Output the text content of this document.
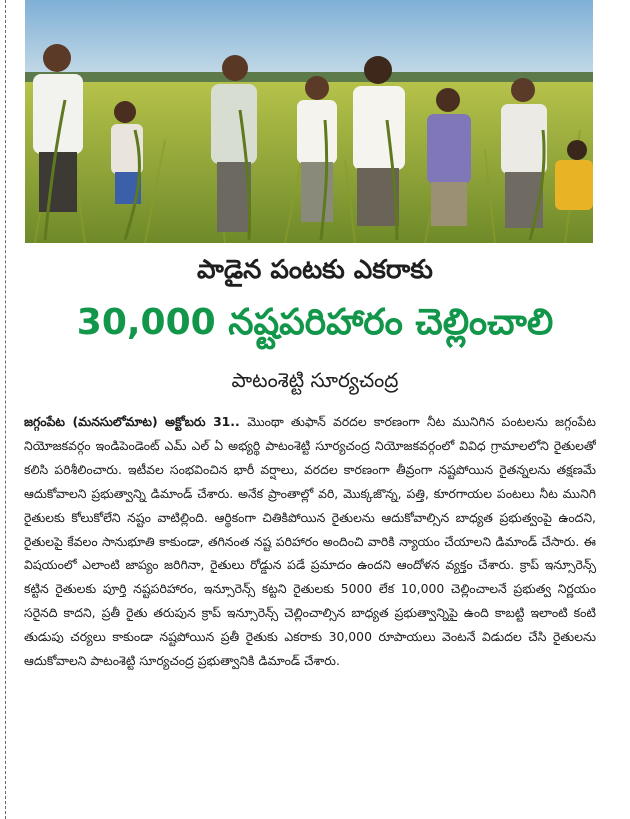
పాడైన పంటకు ఎకరాకు
30,000 నష్టపరిహారం చెల్లించాలి
పాటంశెట్టి సూర్యచంద్ర
జగ్గంపేట (మనసులోమాట) అక్టోబరు 31.. మొంథా తుఫాన్ వరదల కారణంగా నీట మునిగిన పంటలను జగ్గంపేట నియోజకవర్గం ఇండిపెండెంట్ ఎమ్ ఎల్ ఏ అభ్యర్థి పాటంశెట్టి సూర్యచంద్ర నియోజకవర్గంలో వివిధ గ్రామాలలోని రైతులతో కలిసి పరిశీలించారు. ఇటీవల సంభవించిన భారీ వర్షాలు, వరదల కారణంగా తీవ్రంగా నష్టపోయిన రైతన్నలను తక్షణమే ఆదుకోవాలని ప్రభుత్వాన్ని డిమాండ్ చేశారు. అనేక ప్రాంతాల్లో వరి, మొక్కజొన్న, పత్తి, కూరగాయల పంటలు నీట మునిగి రైతులకు కోలుకోలేని నష్టం వాటిల్లింది. ఆర్థికంగా చితికిపోయిన రైతులను ఆదుకోవాల్సిన బాధ్యత ప్రభుత్వంపై ఉందని, రైతులపై కేవలం సానుభూతి కాకుండా, తగినంత నష్ట పరిహారం అందించి వారికి న్యాయం చేయాలని డిమాండ్ చేసారు. ఈ విషయంలో ఎలాంటి జాప్యం జరిగినా, రైతులు రోడ్డున పడే ప్రమాదం ఉందని ఆందోళన వ్యక్తం చేశారు. క్రాప్ ఇన్సూరెన్స్ కట్టిన రైతులకు పూర్తి నష్టపరిహారం, ఇన్సూరెన్స్ కట్టని రైతులకు 5000 లేక 10,000 చెల్లించాలనే ప్రభుత్వ నిర్ణయం సరైనది కాదని, ప్రతీ రైతు తరుపున క్రాప్ ఇన్సూరెన్స్ చెల్లించాల్సిన బాధ్యత ప్రభుత్వాన్నిపై ఉంది కాబట్టి ఇలాంటి కంటి తుడుపు చర్యలు కాకుండా నష్టపోయిన ప్రతీ రైతుకు ఎకరాకు 30,000 రూపాయలు వెంటనే విడుదల చేసి రైతులను ఆదుకోవాలని పాటంశెట్టి సూర్యచంద్ర ప్రభుత్వానికి డిమాండ్ చేశారు.
